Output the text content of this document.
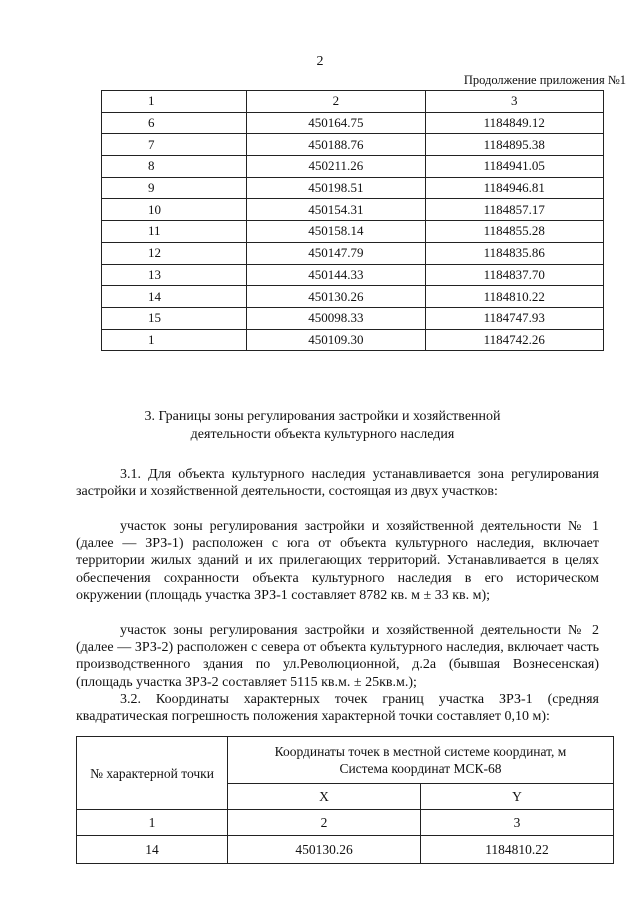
2
Продолжение приложения №1
1	2	3
6	450164.75	1184849.12
7	450188.76	1184895.38
8	450211.26	1184941.05
9	450198.51	1184946.81
10	450154.31	1184857.17
11	450158.14	1184855.28
12	450147.79	1184835.86
13	450144.33	1184837.70
14	450130.26	1184810.22
15	450098.33	1184747.93
1	450109.30	1184742.26
3. Границы зоны регулирования застройки и хозяйственной
деятельности объекта культурного наследия

3.1. Для объекта культурного наследия устанавливается зона регулирования застройки и хозяйственной деятельности, состоящая из двух участков:

участок зоны регулирования застройки и хозяйственной деятельности № 1 (далее — ЗРЗ-1) расположен с юга от объекта культурного наследия, включает территории жилых зданий и их прилегающих территорий. Устанавливается в целях обеспечения сохранности объекта культурного наследия в его историческом окружении (площадь участка ЗРЗ-1 составляет 8782 кв. м ± 33 кв. м);

участок зоны регулирования застройки и хозяйственной деятельности № 2 (далее — ЗРЗ-2) расположен с севера от объекта культурного наследия, включает часть производственного здания по ул.Революционной, д.2а (бывшая Вознесенская) (площадь участка ЗРЗ-2 составляет 5115 кв.м. ± 25кв.м.);

3.2. Координаты характерных точек границ участка ЗРЗ-1 (средняя квадратическая погрешность положения характерной точки составляет 0,10 м):

№ характерной точки	Координаты точек в местной системе координат, м
Система координат МСК-68	

	X	Y
1	2	3
14	450130.26	1184810.22
